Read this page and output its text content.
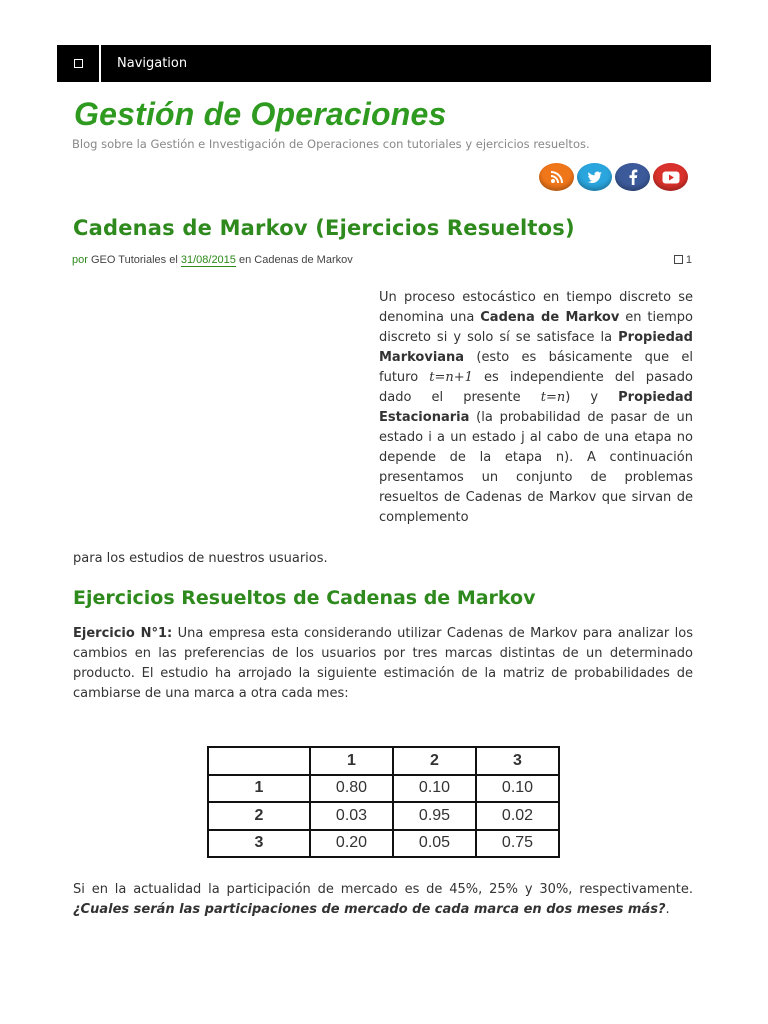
Navigation
Gestión de Operaciones

Blog sobre la Gestión e Investigación de Operaciones con tutoriales y ejercicios resueltos.

Cadenas de Markov (Ejercicios Resueltos)
por GEO Tutoriales el 31/08/2015 en Cadenas de Markov	1

Un proceso estocástico en tiempo discreto se denomina una Cadena de Markov en tiempo discreto si y solo sí se satisface la Propiedad Markoviana (esto es básicamente que el futuro t=n+1 es independiente del pasado dado el presente t=n) y Propiedad Estacionaria (la probabilidad de pasar de un estado i a un estado j al cabo de una etapa no depende de la etapa n). A continuación presentamos un conjunto de problemas resueltos de Cadenas de Markov que sirvan de complemento

para los estudios de nuestros usuarios.

Ejercicios Resueltos de Cadenas de Markov

Ejercicio N°1: Una empresa esta considerando utilizar Cadenas de Markov para analizar los cambios en las preferencias de los usuarios por tres marcas distintas de un determinado producto. El estudio ha arrojado la siguiente estimación de la matriz de probabilidades de cambiarse de una marca a otra cada mes:

	1	2	3
1	0.80	0.10	0.10
2	0.03	0.95	0.02
3	0.20	0.05	0.75

Si en la actualidad la participación de mercado es de 45%, 25% y 30%, respectivamente. ¿Cuales serán las participaciones de mercado de cada marca en dos meses más?.
